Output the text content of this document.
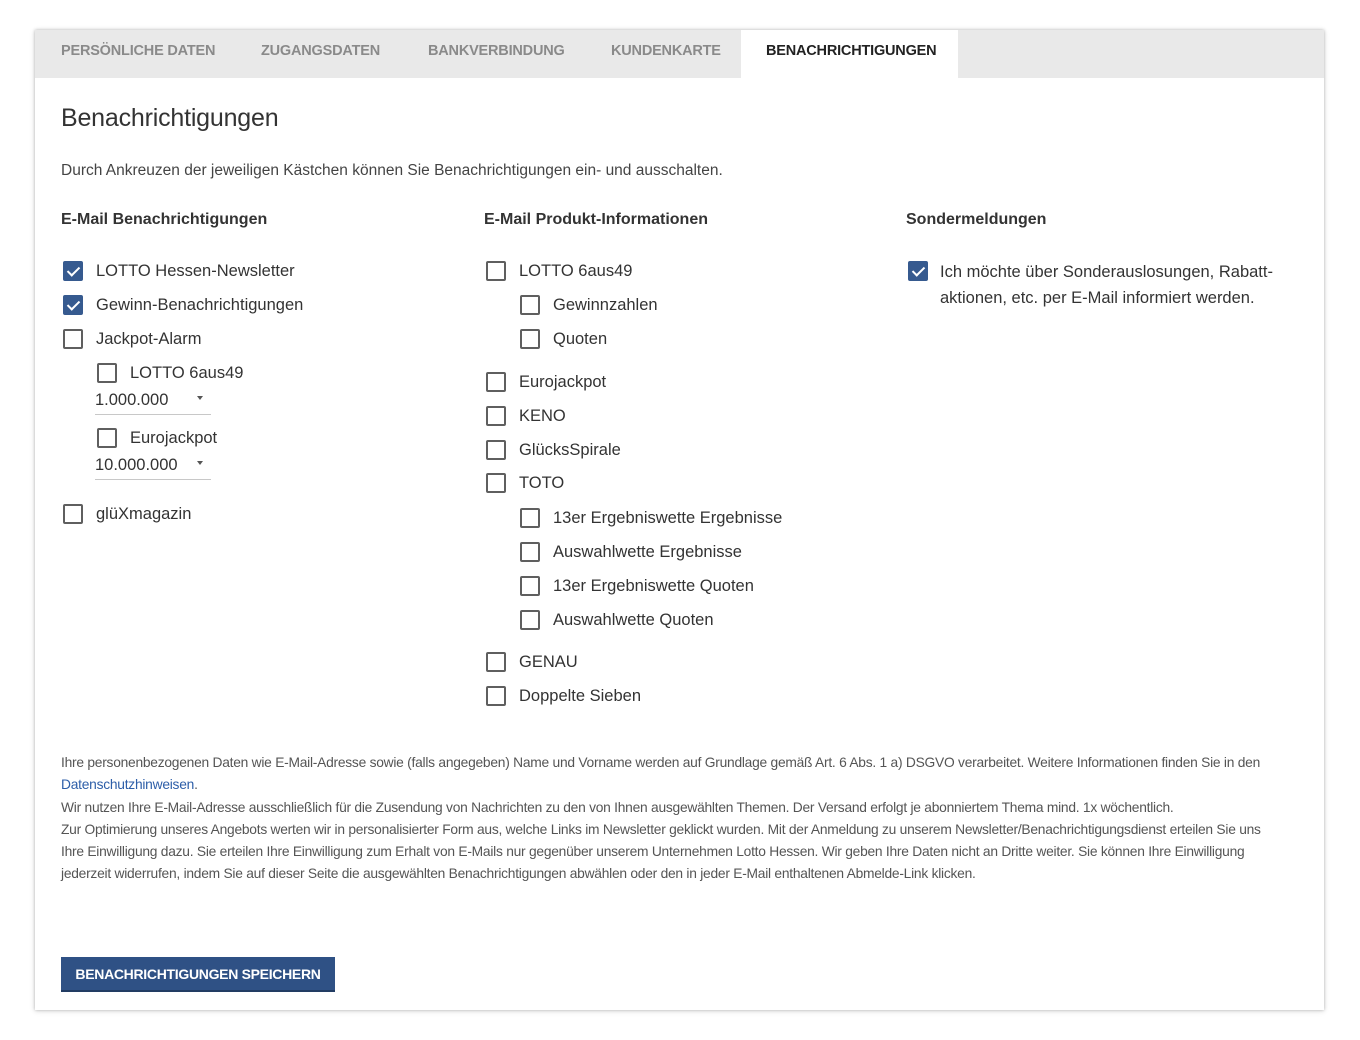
PERSÖNLICHE DATEN	ZUGANGSDATEN	BANKVERBINDUNG	KUNDENKARTE	BENACHRICHTIGUNGEN
Benachrichtigungen
Durch Ankreuzen der jeweiligen Kästchen können Sie Benachrichtigungen ein- und ausschalten.
E-Mail Benachrichtigungen
LOTTO Hessen-Newsletter
Gewinn-Benachrichtigungen
Jackpot-Alarm
LOTTO 6aus49
1.000.000
Eurojackpot
10.000.000
glüXmagazin
E-Mail Produkt-Informationen
LOTTO 6aus49
Gewinnzahlen
Quoten
Eurojackpot
KENO
GlücksSpirale
TOTO
13er Ergebniswette Ergebnisse
Auswahlwette Ergebnisse
13er Ergebniswette Quoten
Auswahlwette Quoten
GENAU
Doppelte Sieben
Sondermeldungen
Ich möchte über Sonderauslosungen, Rabattaktionen, etc. per E-Mail informiert werden.

Ihre personenbezogenen Daten wie E-Mail-Adresse sowie (falls angegeben) Name und Vorname werden auf Grundlage gemäß Art. 6 Abs. 1 a) DSGVO verarbeitet. Weitere Informationen finden Sie in den Datenschutzhinweisen.

Wir nutzen Ihre E-Mail-Adresse ausschließlich für die Zusendung von Nachrichten zu den von Ihnen ausgewählten Themen. Der Versand erfolgt je abonniertem Thema mind. 1x wöchentlich.

Zur Optimierung unseres Angebots werten wir in personalisierter Form aus, welche Links im Newsletter geklickt wurden. Mit der Anmeldung zu unserem Newsletter/Benachrichtigungsdienst erteilen Sie uns Ihre Einwilligung dazu. Sie erteilen Ihre Einwilligung zum Erhalt von E-Mails nur gegenüber unserem Unternehmen Lotto Hessen. Wir geben Ihre Daten nicht an Dritte weiter. Sie können Ihre Einwilligung jederzeit widerrufen, indem Sie auf dieser Seite die ausgewählten Benachrichtigungen abwählen oder den in jeder E-Mail enthaltenen Abmelde-Link klicken.

BENACHRICHTIGUNGEN SPEICHERN
